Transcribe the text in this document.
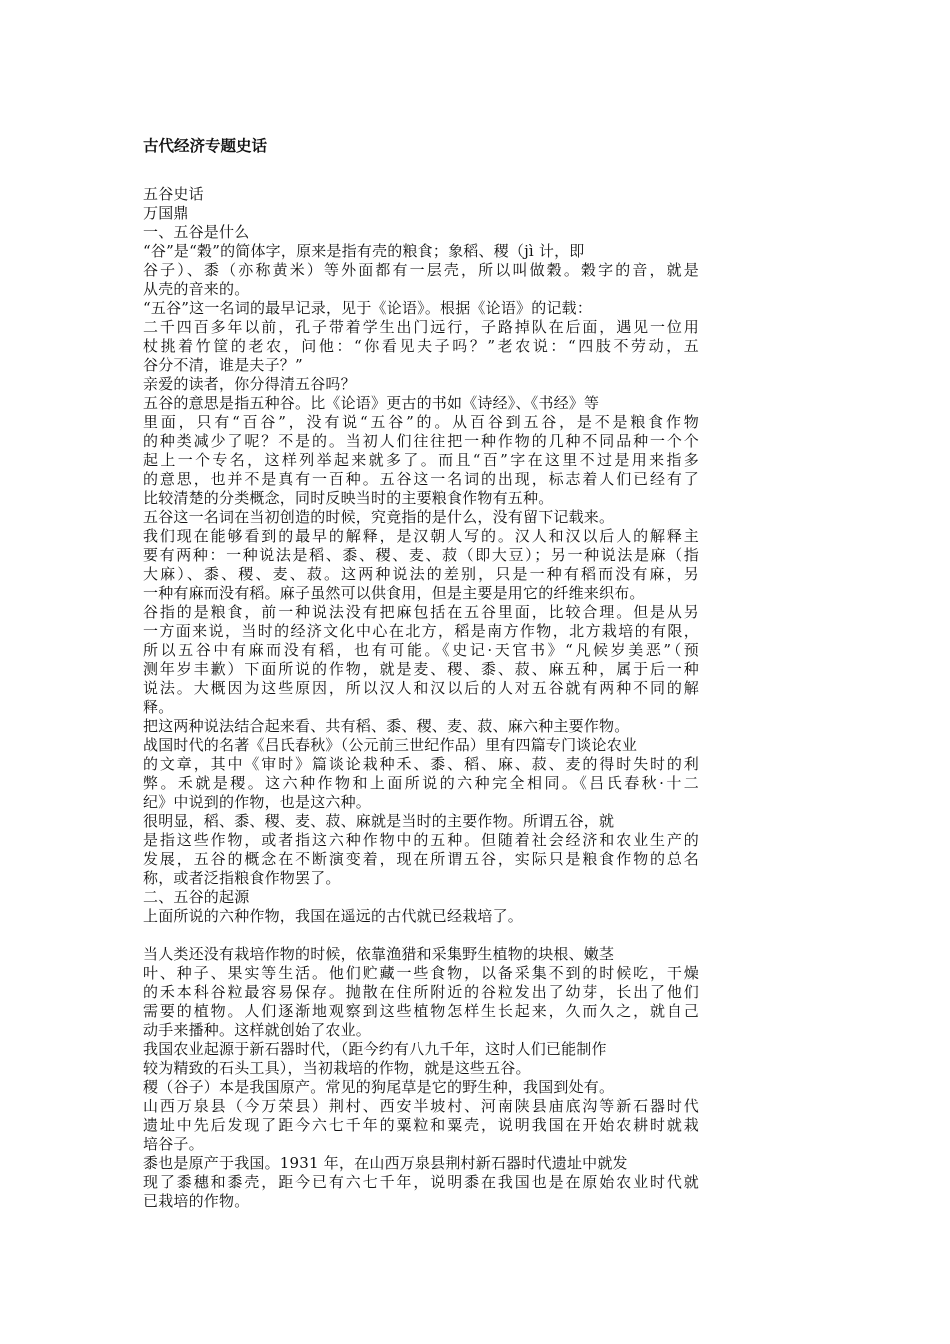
古代经济专题史话
五谷史话
万国鼎
一、五谷是什么
“谷”是“穀”的简体字，原来是指有壳的粮食；象稻、稷（jì 计，即
谷子）、黍（亦称黄米）等外面都有一层壳，所以叫做穀。穀字的音，就是
从壳的音来的。
“五谷”这一名词的最早记录，见于《论语》。根据《论语》的记载：
二千四百多年以前，孔子带着学生出门远行，子路掉队在后面，遇见一位用
杖挑着竹筐的老农，问他：“你看见夫子吗？”老农说：“四肢不劳动，五
谷分不清，谁是夫子？”
亲爱的读者，你分得清五谷吗？
五谷的意思是指五种谷。比《论语》更古的书如《诗经》、《书经》等
里面，只有“百谷”，没有说“五谷”的。从百谷到五谷，是不是粮食作物
的种类减少了呢？不是的。当初人们往往把一种作物的几种不同品种一个个
起上一个专名，这样列举起来就多了。而且“百”字在这里不过是用来指多
的意思，也并不是真有一百种。五谷这一名词的出现，标志着人们已经有了
比较清楚的分类概念，同时反映当时的主要粮食作物有五种。
五谷这一名词在当初创造的时候，究竟指的是什么，没有留下记载来。
我们现在能够看到的最早的解释，是汉朝人写的。汉人和汉以后人的解释主
要有两种：一种说法是稻、黍、稷、麦、菽（即大豆）；另一种说法是麻（指
大麻）、黍、稷、麦、菽。这两种说法的差别，只是一种有稻而没有麻，另
一种有麻而没有稻。麻子虽然可以供食用，但是主要是用它的纤维来织布。
谷指的是粮食，前一种说法没有把麻包括在五谷里面，比较合理。但是从另
一方面来说，当时的经济文化中心在北方，稻是南方作物，北方栽培的有限，
所以五谷中有麻而没有稻，也有可能。《史记·天官书》“凡候岁美恶”（预
测年岁丰歉）下面所说的作物，就是麦、稷、黍、菽、麻五种，属于后一种
说法。大概因为这些原因，所以汉人和汉以后的人对五谷就有两种不同的解
释。
把这两种说法结合起来看、共有稻、黍、稷、麦、菽、麻六种主要作物。
战国时代的名著《吕氏春秋》（公元前三世纪作品）里有四篇专门谈论农业
的文章，其中《审时》篇谈论栽种禾、黍、稻、麻、菽、麦的得时失时的利
弊。禾就是稷。这六种作物和上面所说的六种完全相同。《吕氏春秋·十二
纪》中说到的作物，也是这六种。
很明显，稻、黍、稷、麦、菽、麻就是当时的主要作物。所谓五谷，就
是指这些作物，或者指这六种作物中的五种。但随着社会经济和农业生产的
发展，五谷的概念在不断演变着，现在所谓五谷，实际只是粮食作物的总名
称，或者泛指粮食作物罢了。
二、五谷的起源
上面所说的六种作物，我国在遥远的古代就已经栽培了。
当人类还没有栽培作物的时候，依靠渔猎和采集野生植物的块根、嫩茎
叶、种子、果实等生活。他们贮藏一些食物，以备采集不到的时候吃，干燥
的禾本科谷粒最容易保存。抛散在住所附近的谷粒发出了幼芽，长出了他们
需要的植物。人们逐渐地观察到这些植物怎样生长起来，久而久之，就自己
动手来播种。这样就创始了农业。
我国农业起源于新石器时代，（距今约有八九千年，这时人们已能制作
较为精致的石头工具），当初栽培的作物，就是这些五谷。
稷（谷子）本是我国原产。常见的狗尾草是它的野生种，我国到处有。
山西万泉县（今万荣县）荆村、西安半坡村、河南陕县庙底沟等新石器时代
遗址中先后发现了距今六七千年的粟粒和粟壳，说明我国在开始农耕时就栽
培谷子。
黍也是原产于我国。1931 年，在山西万泉县荆村新石器时代遗址中就发
现了黍穗和黍壳，距今已有六七千年，说明黍在我国也是在原始农业时代就
已栽培的作物。
